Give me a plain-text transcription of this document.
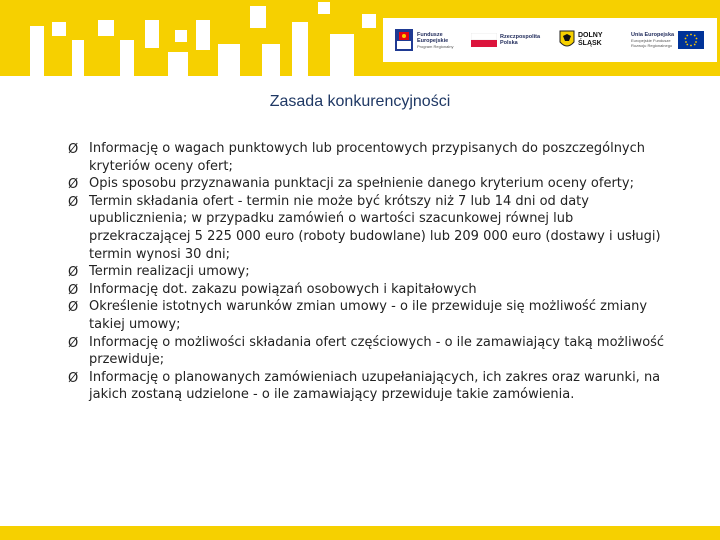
Fundusze
Europejskie
Program Regionalny
Rzeczpospolita
Polska
DOLNY
ŚLĄSK
Unia Europejska
Europejskie Fundusze
Rozwoju Regionalnego
Zasada konkurencyjności
Ø Informację o wagach punktowych lub procentowych przypisanych do poszczególnych kryteriów oceny ofert;
Ø Opis sposobu przyznawania punktacji za spełnienie danego kryterium oceny oferty;
Ø Termin składania ofert - termin nie może być krótszy niż 7 lub 14 dni od daty upublicznienia; w przypadku zamówień o wartości szacunkowej równej lub przekraczającej 5 225 000 euro (roboty budowlane) lub 209 000 euro (dostawy i usługi) termin wynosi 30 dni;
Ø Termin realizacji umowy;
Ø Informację dot. zakazu powiązań osobowych i kapitałowych
Ø Określenie istotnych warunków zmian umowy - o ile przewiduje się możliwość zmiany takiej umowy;
Ø Informację o możliwości składania ofert częściowych - o ile zamawiający taką możliwość przewiduje;
Ø Informację o planowanych zamówieniach uzupełaniających, ich zakres oraz warunki, na jakich zostaną udzielone - o ile zamawiający przewiduje takie zamówienia.
